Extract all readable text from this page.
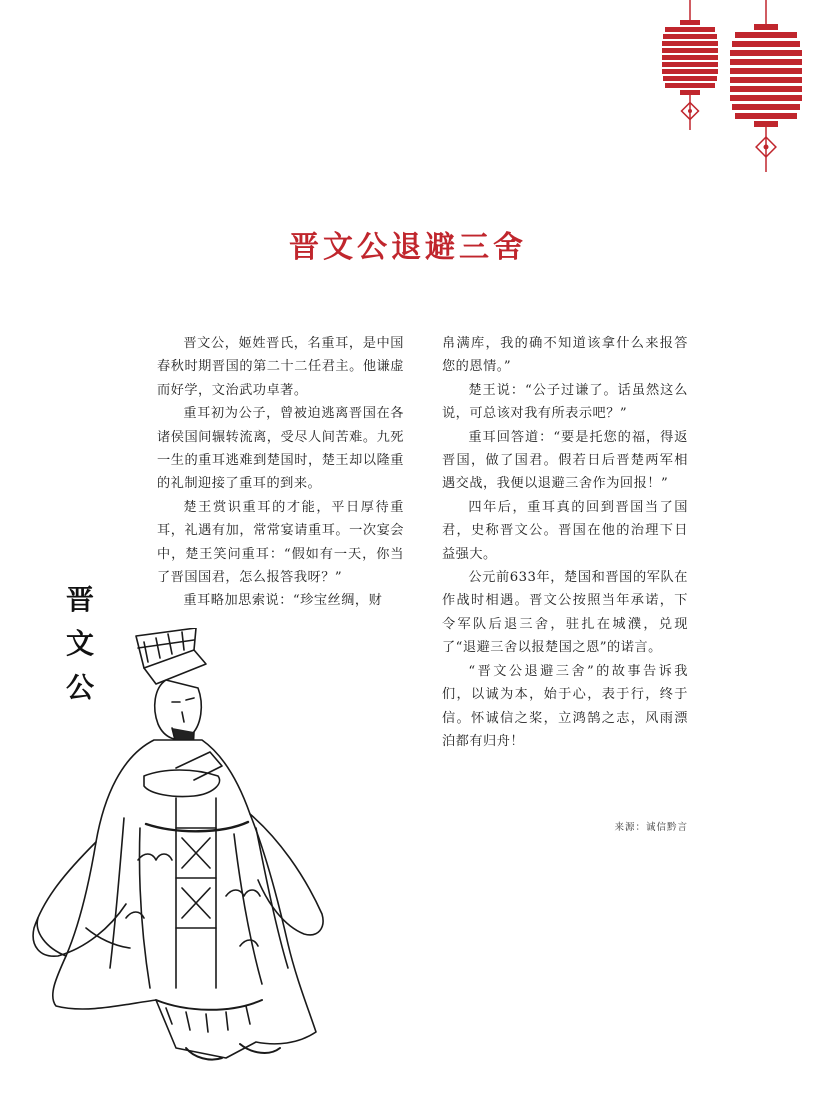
晋文公退避三舍

晋文公，姬姓晋氏，名重耳，是中国春秋时期晋国的第二十二任君主。他谦虚而好学，文治武功卓著。

重耳初为公子，曾被迫逃离晋国在各诸侯国间辗转流离，受尽人间苦难。九死一生的重耳逃难到楚国时，楚王却以隆重的礼制迎接了重耳的到来。

楚王赏识重耳的才能，平日厚待重耳，礼遇有加，常常宴请重耳。一次宴会中，楚王笑问重耳：“假如有一天，你当了晋国国君，怎么报答我呀？”

重耳略加思索说：“珍宝丝绸，财

帛满库，我的确不知道该拿什么来报答您的恩情。”

楚王说：“公子过谦了。话虽然这么说，可总该对我有所表示吧？”

重耳回答道：“要是托您的福，得返晋国，做了国君。假若日后晋楚两军相遇交战，我便以退避三舍作为回报！”

四年后，重耳真的回到晋国当了国君，史称晋文公。晋国在他的治理下日益强大。

公元前633年，楚国和晋国的军队在作战时相遇。晋文公按照当年承诺，下令军队后退三舍，驻扎在城濮，兑现了“退避三舍以报楚国之恩”的诺言。

“晋文公退避三舍”的故事告诉我们，以诚为本，始于心，表于行，终于信。怀诚信之桨，立鸿鹄之志，风雨漂泊都有归舟！

来源：诚信黔言
晋
文
公
